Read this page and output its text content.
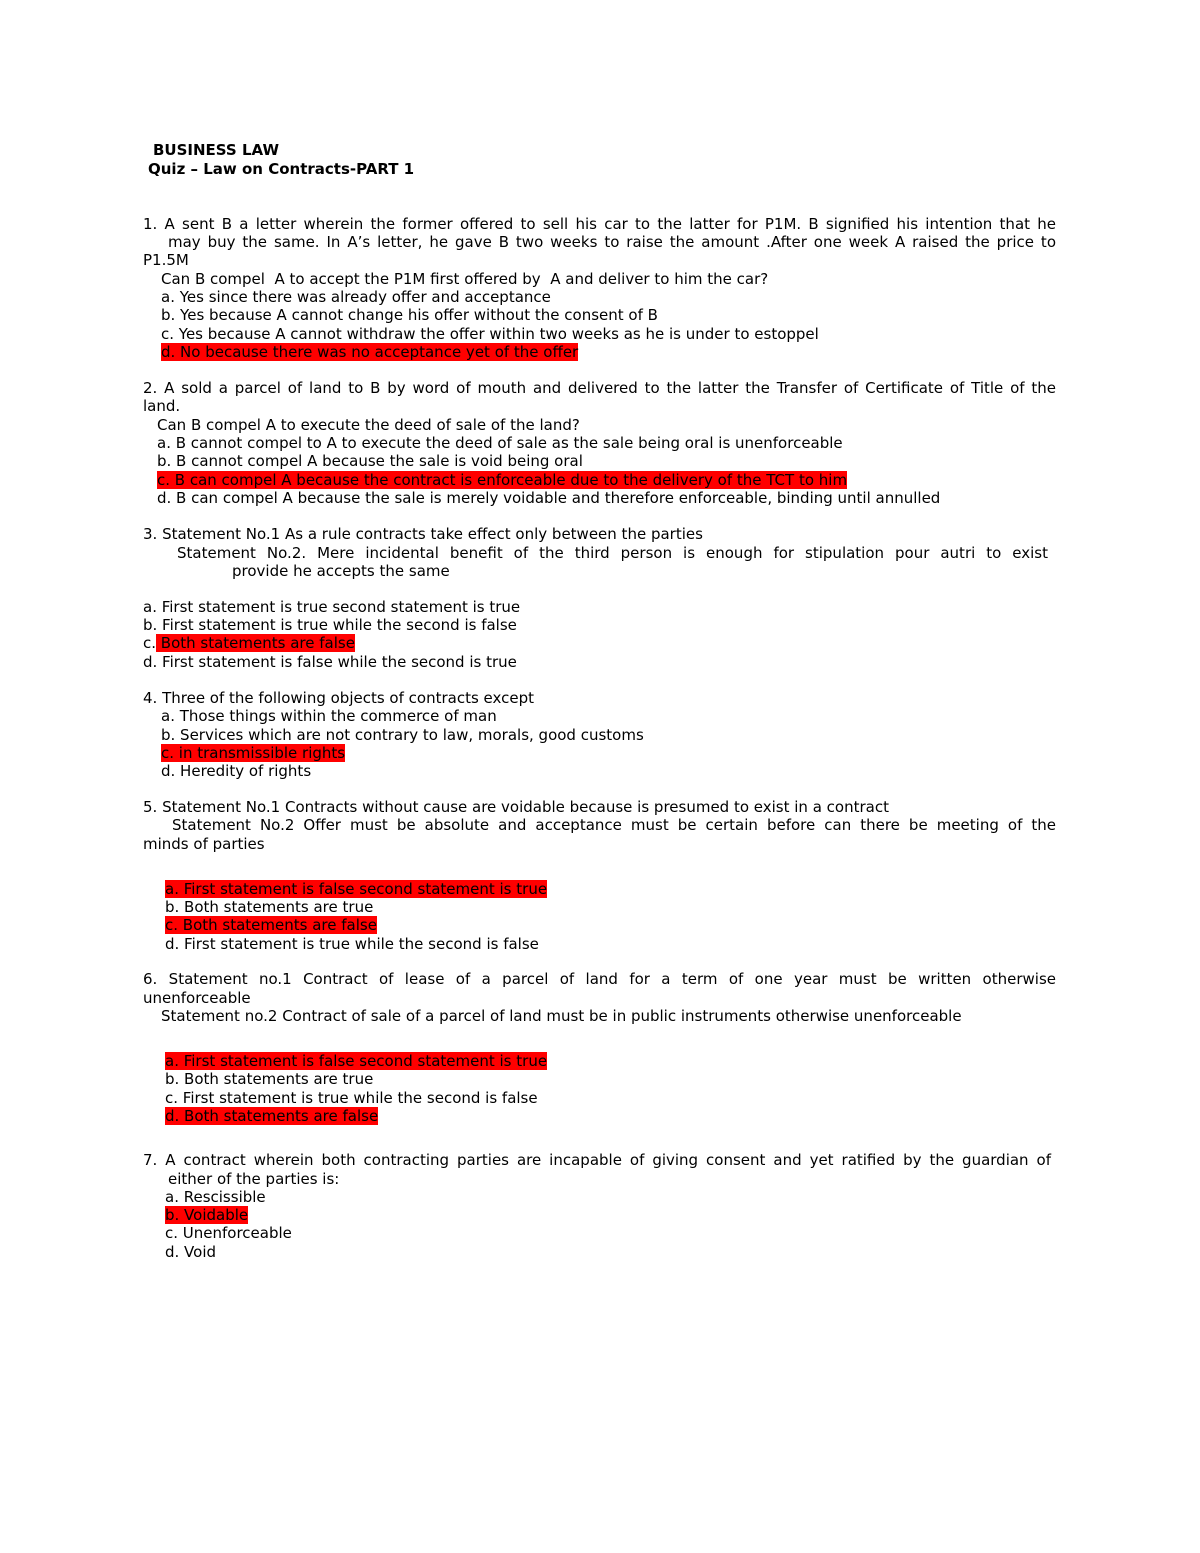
BUSINESS LAW
Quiz – Law on Contracts-PART 1
1. A sent B a letter wherein the former offered to sell his car to the latter for P1M. B signified his intention that he
may buy the same. In A’s letter, he gave B two weeks to raise the amount .After one week A raised the price to
P1.5M
Can B compel  A to accept the P1M first offered by  A and deliver to him the car?
a. Yes since there was already offer and acceptance
b. Yes because A cannot change his offer without the consent of B
c. Yes because A cannot withdraw the offer within two weeks as he is under to estoppel
d. No because there was no acceptance yet of the offer
2. A sold a parcel of land to B by word of mouth and delivered to the latter the Transfer of Certificate of Title of the
land.
Can B compel A to execute the deed of sale of the land?
a. B cannot compel to A to execute the deed of sale as the sale being oral is unenforceable
b. B cannot compel A because the sale is void being oral
c. B can compel A because the contract is enforceable due to the delivery of the TCT to him
d. B can compel A because the sale is merely voidable and therefore enforceable, binding until annulled
3. Statement No.1 As a rule contracts take effect only between the parties
Statement No.2. Mere incidental benefit of the third person is enough for stipulation pour autri to exist
provide he accepts the same
a. First statement is true second statement is true
b. First statement is true while the second is false
c. Both statements are false
d. First statement is false while the second is true
4. Three of the following objects of contracts except
a. Those things within the commerce of man
b. Services which are not contrary to law, morals, good customs
c. in transmissible rights
d. Heredity of rights
5. Statement No.1 Contracts without cause are voidable because is presumed to exist in a contract
Statement No.2 Offer must be absolute and acceptance must be certain before can there be meeting of the
minds of parties
a. First statement is false second statement is true
b. Both statements are true
c. Both statements are false
d. First statement is true while the second is false
6. Statement no.1 Contract of lease of a parcel of land for a term of one year must be written otherwise
unenforceable
Statement no.2 Contract of sale of a parcel of land must be in public instruments otherwise unenforceable
a. First statement is false second statement is true
b. Both statements are true
c. First statement is true while the second is false
d. Both statements are false
7. A contract wherein both contracting parties are incapable of giving consent and yet ratified by the guardian of
either of the parties is:
a. Rescissible
b. Voidable
c. Unenforceable
d. Void
